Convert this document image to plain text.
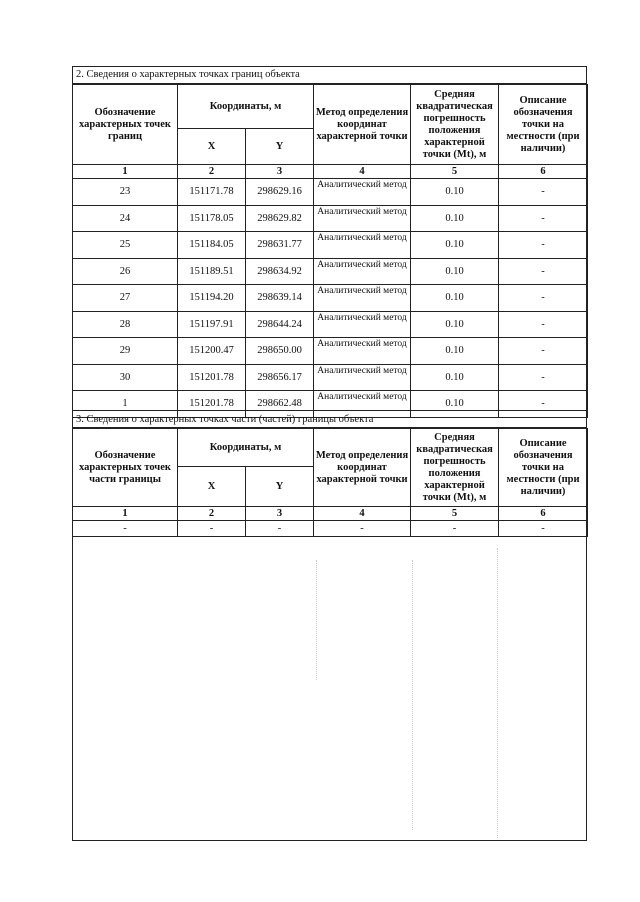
2. Сведения о характерных точках границ объекта
Обозначение характерных точек границ	Координаты, м		Метод определения координат характерной точки	Средняя квадратическая погрешность положения характерной точки (Mt), м	Описание обозначения точки на местности (при наличии)
	X	Y			
1	2	3	4	5	6
23	151171.78	298629.16	Аналитический метод	0.10	-
24	151178.05	298629.82	Аналитический метод	0.10	-
25	151184.05	298631.77	Аналитический метод	0.10	-
26	151189.51	298634.92	Аналитический метод	0.10	-
27	151194.20	298639.14	Аналитический метод	0.10	-
28	151197.91	298644.24	Аналитический метод	0.10	-
29	151200.47	298650.00	Аналитический метод	0.10	-
30	151201.78	298656.17	Аналитический метод	0.10	-
1	151201.78	298662.48	Аналитический метод	0.10	-
3. Сведения о характерных точках части (частей) границы объекта
Обозначение характерных точек части границы	Координаты, м		Метод определения координат характерной точки	Средняя квадратическая погрешность положения характерной точки (Mt), м	Описание обозначения точки на местности (при наличии)
	X	Y			
1	2	3	4	5	6
-	-	-	-	-	-
